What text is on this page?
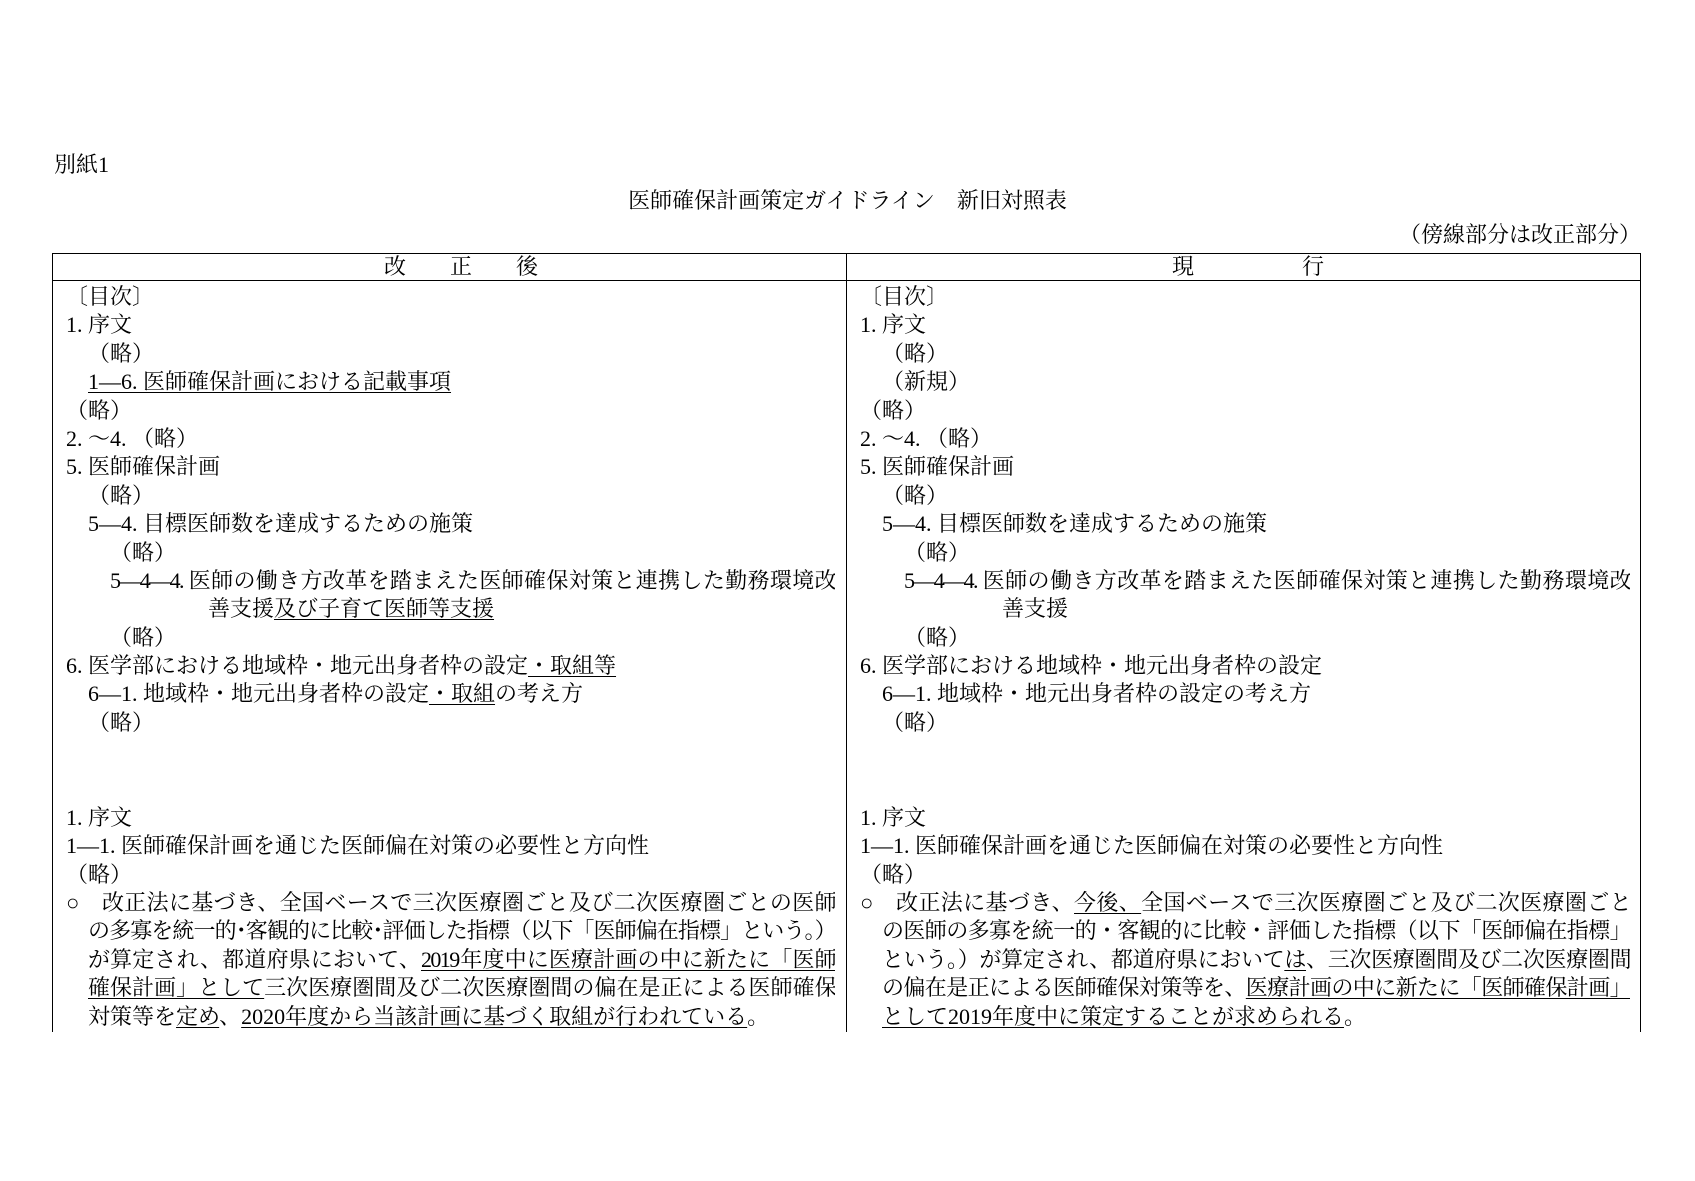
別紙1
医師確保計画策定ガイドライン　新旧対照表
（傍線部分は改正部分）
改 正 後	現	行
〔目次〕
1. 序文
（略）
1—6. 医師確保計画における記載事項
（略）
2. ～4. （略）
5. 医師確保計画
（略）
5—4. 目標医師数を達成するための施策
（略）
5—4—4. 医師の働き方改革を踏まえた医師確保対策と連携した勤務環境改
善支援及び子育て医師等支援
（略）
6. 医学部における地域枠・地元出身者枠の設定・取組等
6—1. 地域枠・地元出身者枠の設定・取組の考え方
（略）
1. 序文
1—1. 医師確保計画を通じた医師偏在対策の必要性と方向性
（略）
○　改正法に基づき、全国ベースで三次医療圏ごと及び二次医療圏ごとの医師
の多寡を統一的･客観的に比較･評価した指標（以下「医師偏在指標」という。）
が算定され、都道府県において、2019年度中に医療計画の中に新たに「医師
確保計画」として三次医療圏間及び二次医療圏間の偏在是正による医師確保
対策等を定め、2020年度から当該計画に基づく取組が行われている。
〔目次〕
1. 序文
（略）
（新規）
（略）
2. ～4. （略）
5. 医師確保計画
（略）
5—4. 目標医師数を達成するための施策
（略）
5—4—4. 医師の働き方改革を踏まえた医師確保対策と連携した勤務環境改
善支援
（略）
6. 医学部における地域枠・地元出身者枠の設定
6—1. 地域枠・地元出身者枠の設定の考え方
（略）
1. 序文
1—1. 医師確保計画を通じた医師偏在対策の必要性と方向性
（略）
○　改正法に基づき、今後、全国ベースで三次医療圏ごと及び二次医療圏ごと
の医師の多寡を統一的・客観的に比較・評価した指標（以下「医師偏在指標」
という。）が算定され、都道府県においては、三次医療圏間及び二次医療圏間
の偏在是正による医師確保対策等を、医療計画の中に新たに「医師確保計画」
として2019年度中に策定することが求められる。
